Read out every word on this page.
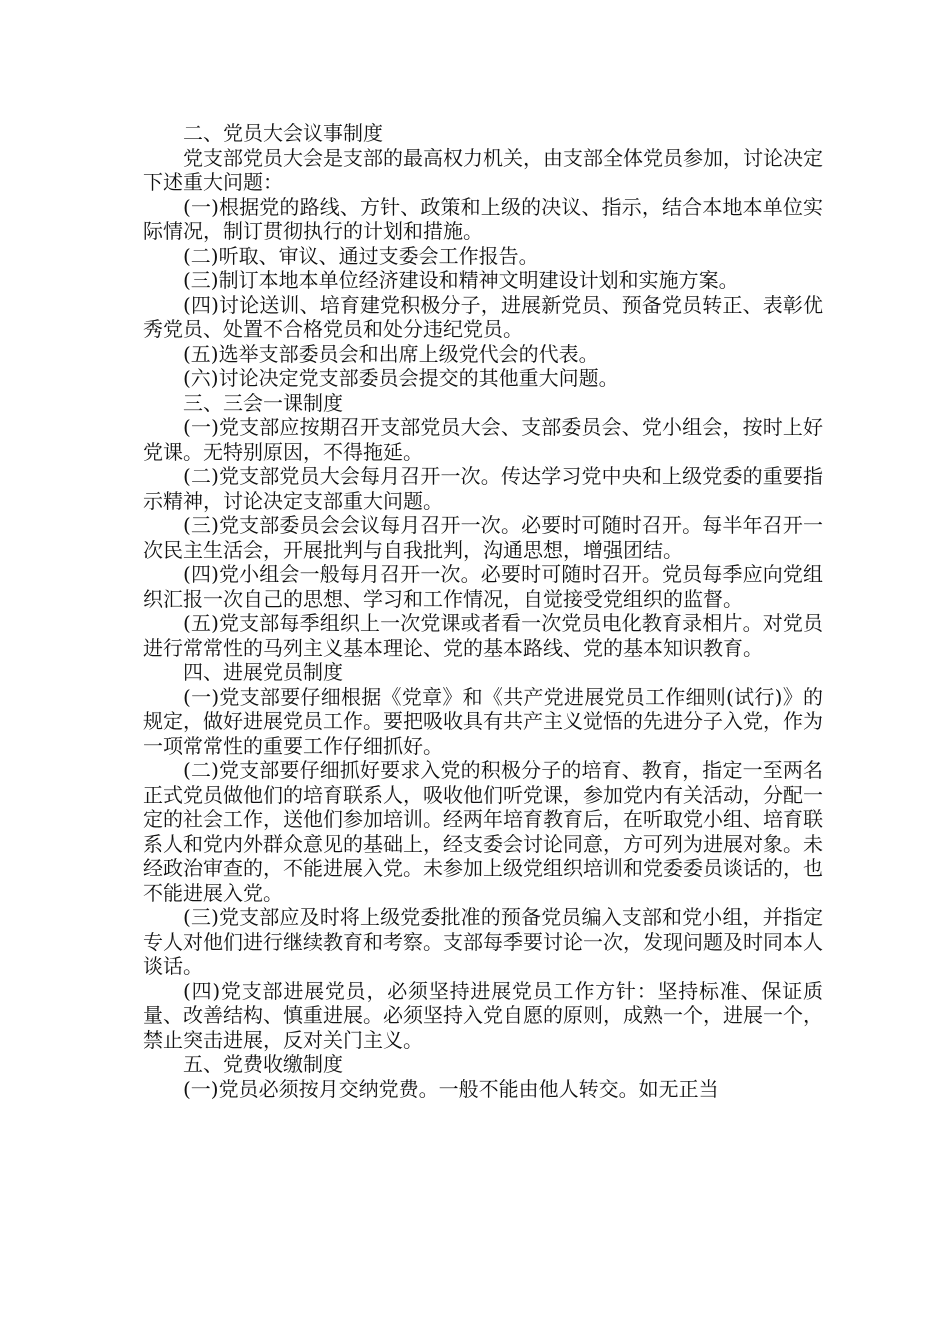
二、党员大会议事制度

党支部党员大会是支部的最高权力机关，由支部全体党员参加，讨论决定下述重大问题：

(一)根据党的路线、方针、政策和上级的决议、指示，结合本地本单位实际情况，制订贯彻执行的计划和措施。

(二)听取、审议、通过支委会工作报告。

(三)制订本地本单位经济建设和精神文明建设计划和实施方案。

(四)讨论送训、培育建党积极分子，进展新党员、预备党员转正、表彰优秀党员、处置不合格党员和处分违纪党员。

(五)选举支部委员会和出席上级党代会的代表。

(六)讨论决定党支部委员会提交的其他重大问题。

三、三会一课制度

(一)党支部应按期召开支部党员大会、支部委员会、党小组会，按时上好党课。无特别原因，不得拖延。

(二)党支部党员大会每月召开一次。传达学习党中央和上级党委的重要指示精神，讨论决定支部重大问题。

(三)党支部委员会会议每月召开一次。必要时可随时召开。每半年召开一次民主生活会，开展批判与自我批判，沟通思想，增强团结。

(四)党小组会一般每月召开一次。必要时可随时召开。党员每季应向党组织汇报一次自己的思想、学习和工作情况，自觉接受党组织的监督。

(五)党支部每季组织上一次党课或者看一次党员电化教育录相片。对党员进行常常性的马列主义基本理论、党的基本路线、党的基本知识教育。

四、进展党员制度

(一)党支部要仔细根据《党章》和《共产党进展党员工作细则(试行)》的规定，做好进展党员工作。要把吸收具有共产主义觉悟的先进分子入党，作为一项常常性的重要工作仔细抓好。

(二)党支部要仔细抓好要求入党的积极分子的培育、教育，指定一至两名正式党员做他们的培育联系人，吸收他们听党课，参加党内有关活动，分配一定的社会工作，送他们参加培训。经两年培育教育后，在听取党小组、培育联系人和党内外群众意见的基础上，经支委会讨论同意，方可列为进展对象。未经政治审查的，不能进展入党。未参加上级党组织培训和党委委员谈话的，也不能进展入党。

(三)党支部应及时将上级党委批准的预备党员编入支部和党小组，并指定专人对他们进行继续教育和考察。支部每季要讨论一次，发现问题及时同本人谈话。

(四)党支部进展党员，必须坚持进展党员工作方针：坚持标准、保证质量、改善结构、慎重进展。必须坚持入党自愿的原则，成熟一个，进展一个，禁止突击进展，反对关门主义。

五、党费收缴制度

(一)党员必须按月交纳党费。一般不能由他人转交。如无正当
